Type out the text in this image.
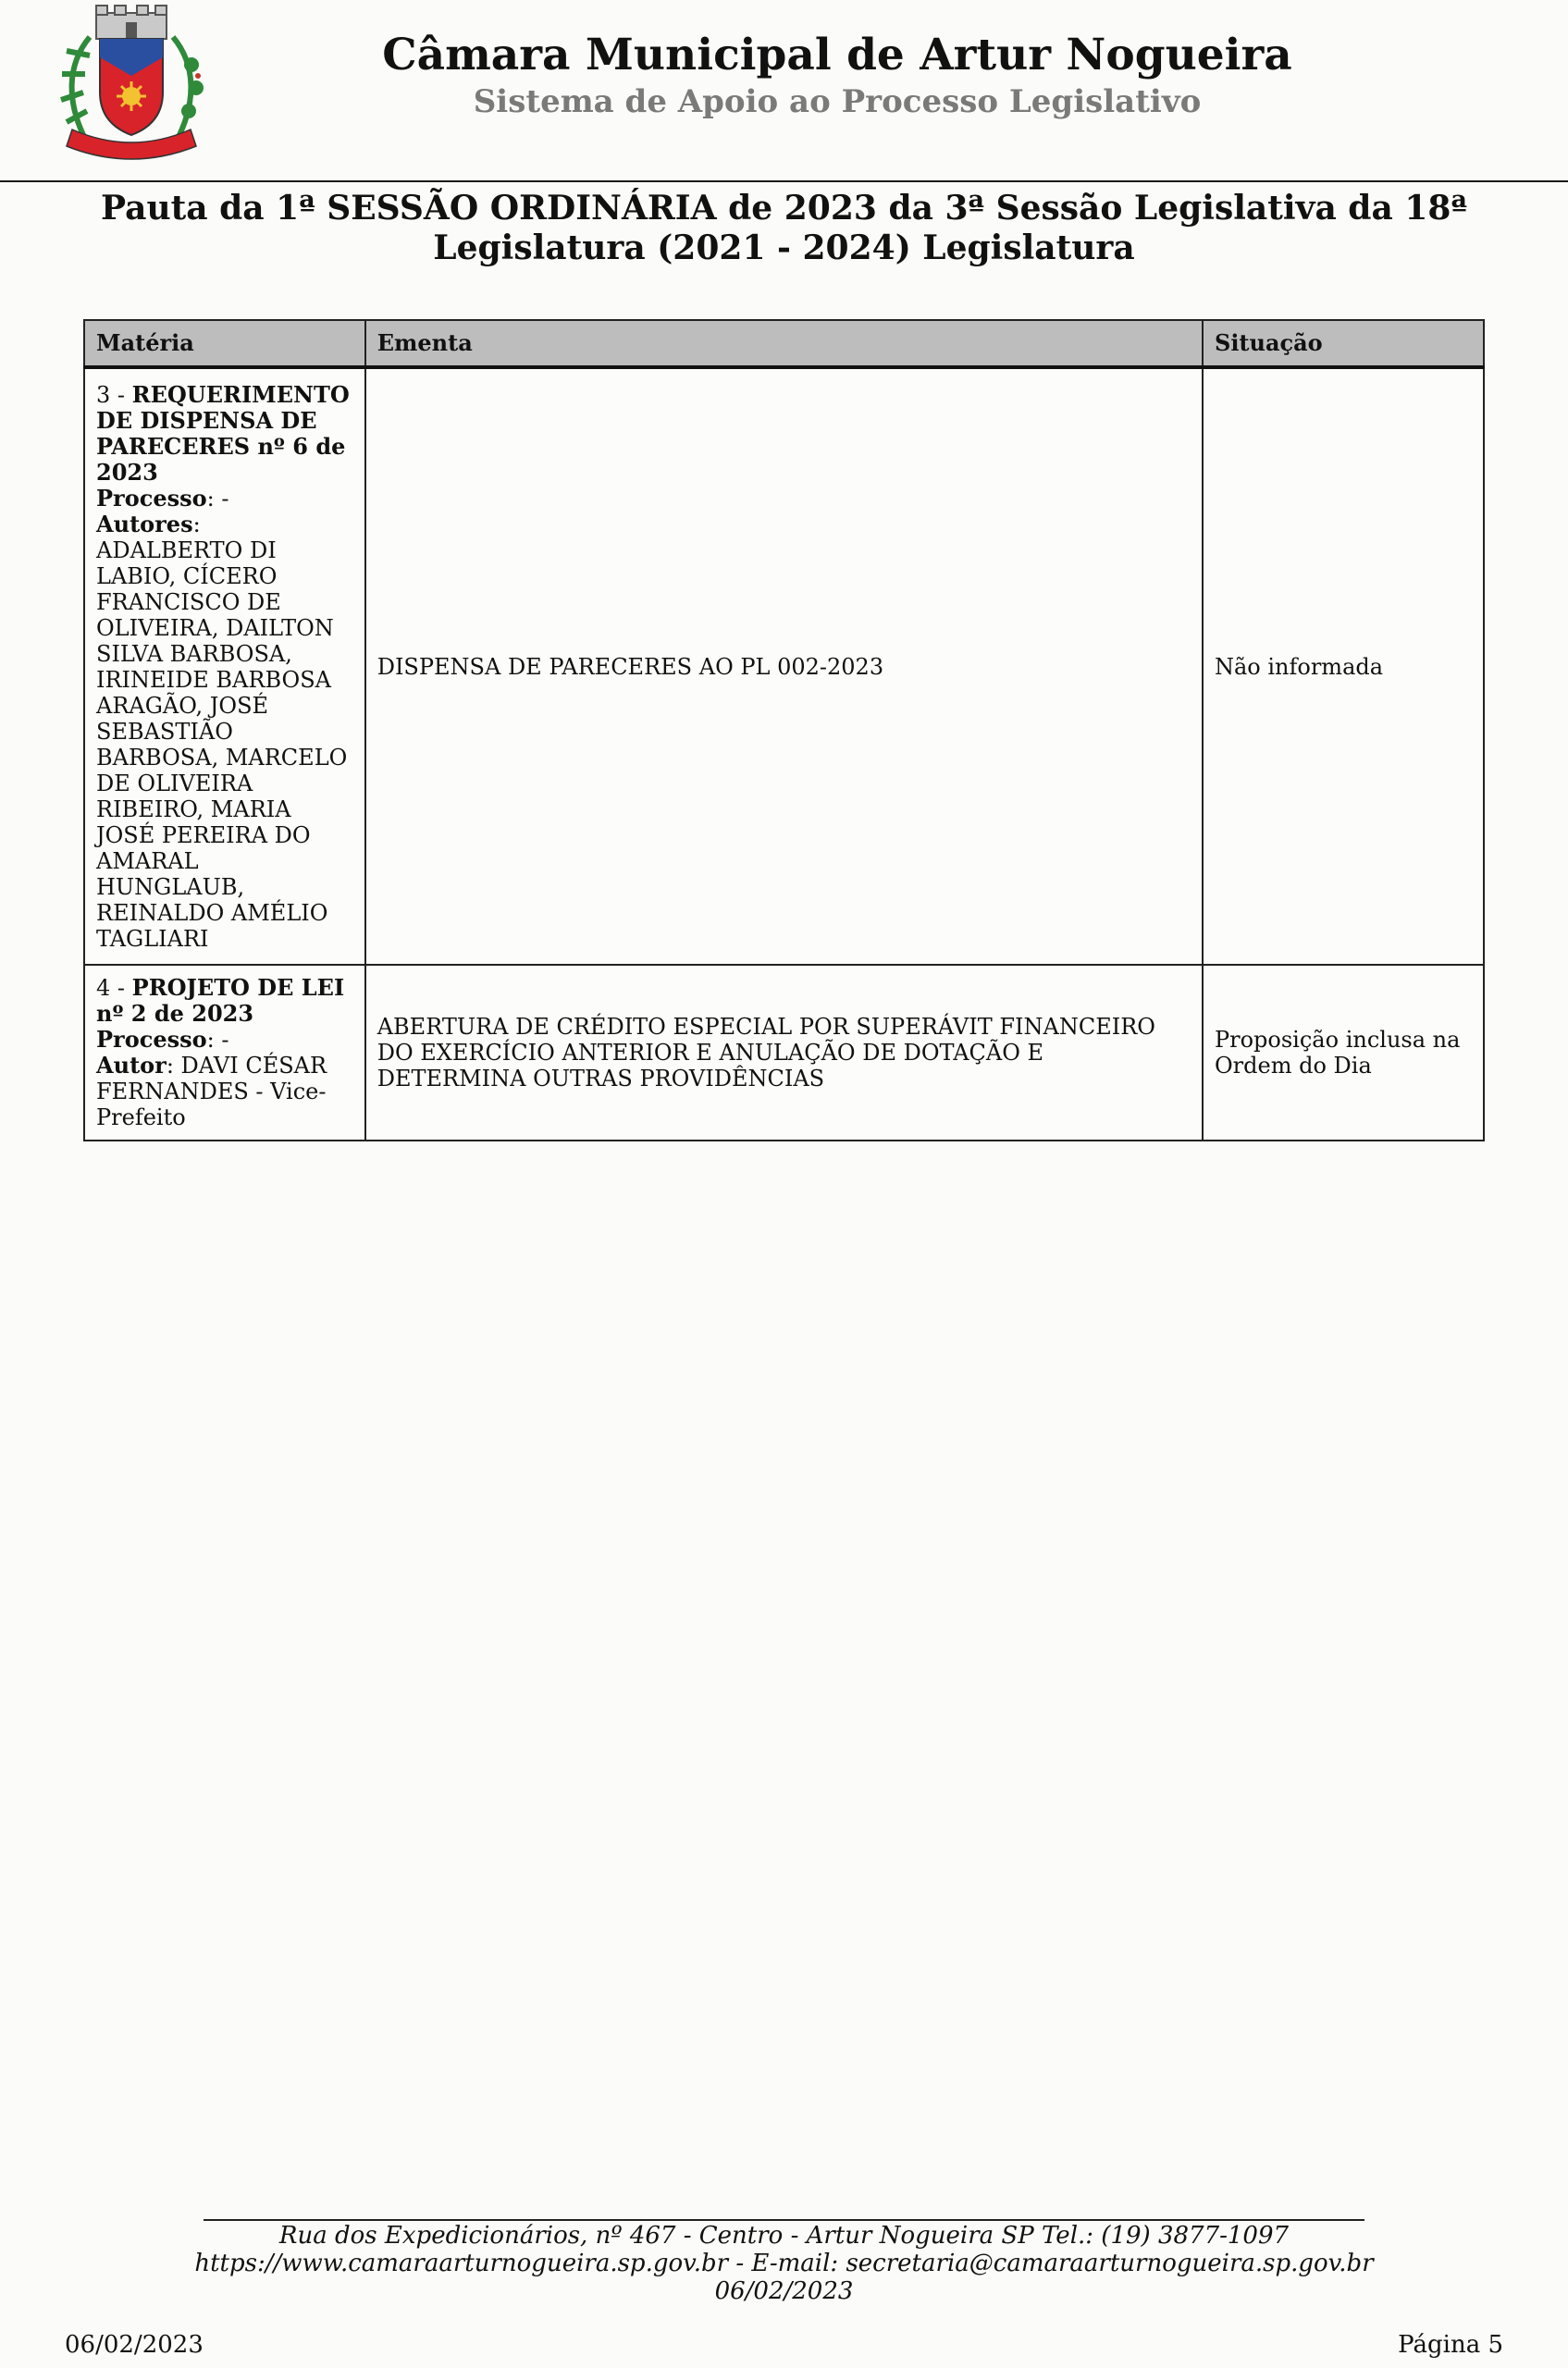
Câmara Municipal de Artur Nogueira
Sistema de Apoio ao Processo Legislativo
Pauta da 1ª SESSÃO ORDINÁRIA de 2023 da 3ª Sessão Legislativa da 18ª Legislatura (2021 - 2024) Legislatura
Matéria	Ementa	Situação
3 - REQUERIMENTO DE DISPENSA DE PARECERES nº 6 de 2023
Processo: -
Autores: ADALBERTO DI LABIO, CÍCERO FRANCISCO DE OLIVEIRA, DAILTON SILVA BARBOSA, IRINEIDE BARBOSA ARAGÃO, JOSÉ SEBASTIÃO BARBOSA, MARCELO DE OLIVEIRA RIBEIRO, MARIA JOSÉ PEREIRA DO AMARAL HUNGLAUB, REINALDO AMÉLIO TAGLIARI	DISPENSA DE PARECERES AO PL 002-2023	Não informada
4 - PROJETO DE LEI nº 2 de 2023
Processo: -
Autor: DAVI CÉSAR FERNANDES - Vice-Prefeito	ABERTURA DE CRÉDITO ESPECIAL POR SUPERÁVIT FINANCEIRO DO EXERCÍCIO ANTERIOR E ANULAÇÃO DE DOTAÇÃO E DETERMINA OUTRAS PROVIDÊNCIAS	Proposição inclusa na Ordem do Dia
Rua dos Expedicionários, nº 467 - Centro - Artur Nogueira SP Tel.: (19) 3877-1097 https://www.camaraarturnogueira.sp.gov.br - E-mail: secretaria@camaraarturnogueira.sp.gov.br 06/02/2023
06/02/2023	Página 5
